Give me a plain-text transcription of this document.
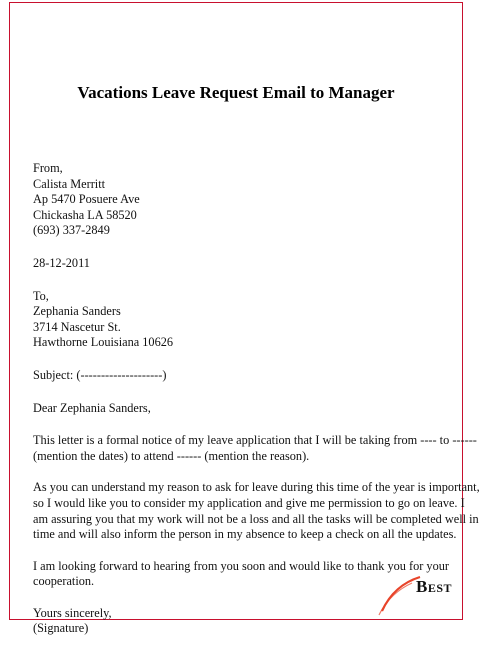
Vacations Leave Request Email to Manager
From,
Calista Merritt
Ap 5470 Posuere Ave
Chickasha LA 58520
(693) 337-2849
28-12-2011
To,
Zephania Sanders
3714 Nascetur St.
Hawthorne Louisiana 10626
Subject: (--------------------)
Dear Zephania Sanders,
This letter is a formal notice of my leave application that I will be taking from ---- to ------
(mention the dates) to attend ------ (mention the reason).
As you can understand my reason to ask for leave during this time of the year is important,
so I would like you to consider my application and give me permission to go on leave. I
am assuring you that my work will not be a loss and all the tasks will be completed well in
time and will also inform the person in my absence to keep a check on all the updates.
I am looking forward to hearing from you soon and would like to thank you for your
cooperation.
Yours sincerely,
(Signature)
BEST
